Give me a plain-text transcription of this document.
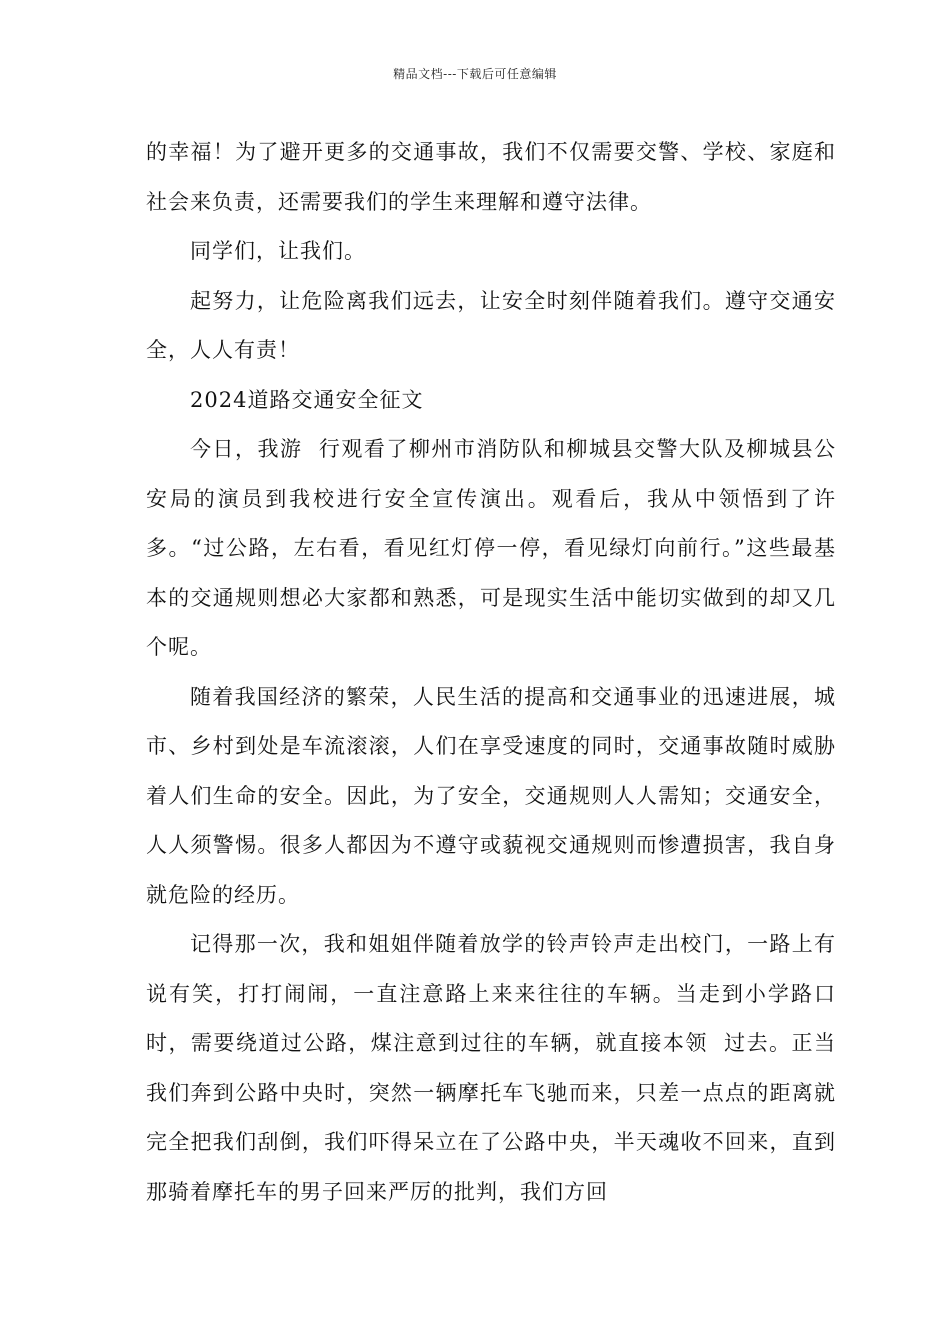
精品文档---下载后可任意编辑

的幸福！为了避开更多的交通事故，我们不仅需要交警、学校、家庭和社会来负责，还需要我们的学生来理解和遵守法律。

同学们，让我们。

起努力，让危险离我们远去，让安全时刻伴随着我们。遵守交通安全，人人有责！

2024道路交通安全征文

今日，我游  行观看了柳州市消防队和柳城县交警大队及柳城县公安局的演员到我校进行安全宣传演出。观看后，我从中领悟到了许多。“过公路，左右看，看见红灯停一停，看见绿灯向前行。”这些最基本的交通规则想必大家都和熟悉，可是现实生活中能切实做到的却又几个呢。

随着我国经济的繁荣，人民生活的提高和交通事业的迅速进展，城市、乡村到处是车流滚滚，人们在享受速度的同时，交通事故随时威胁着人们生命的安全。因此，为了安全，交通规则人人需知；交通安全，人人须警惕。很多人都因为不遵守或藐视交通规则而惨遭损害，我自身就危险的经历。

记得那一次，我和姐姐伴随着放学的铃声铃声走出校门，一路上有说有笑，打打闹闹，一直注意路上来来往往的车辆。当走到小学路口时，需要绕道过公路，煤注意到过往的车辆，就直接本领  过去。正当我们奔到公路中央时，突然一辆摩托车飞驰而来，只差一点点的距离就完全把我们刮倒，我们吓得呆立在了公路中央，半天魂收不回来，直到那骑着摩托车的男子回来严厉的批判，我们方回
